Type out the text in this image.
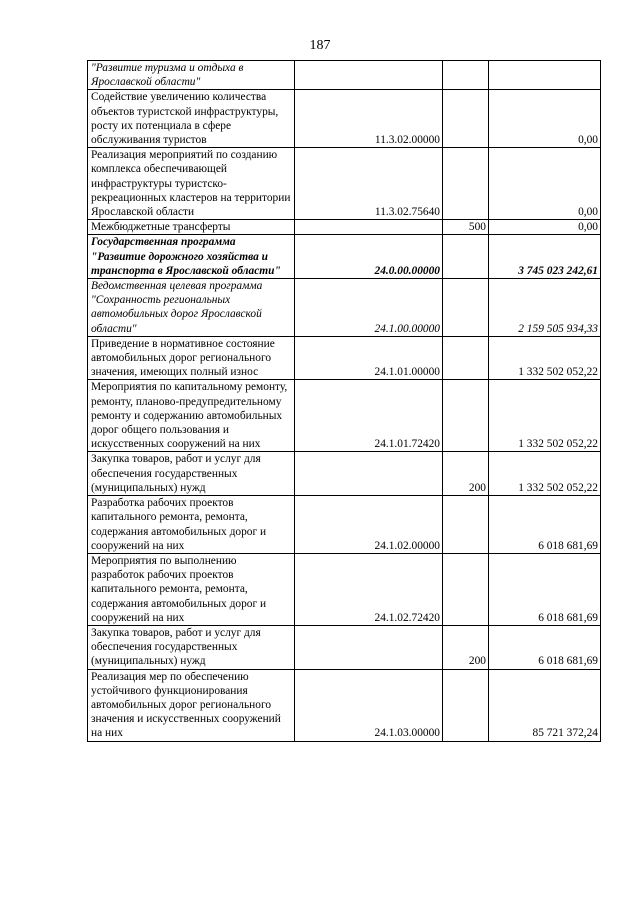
187
"Развитие туризма и отдыха в Ярославской области"			
Содействие увеличению количества объектов туристской инфраструктуры, росту их потенциала в сфере обслуживания туристов	11.3.02.00000		0,00
Реализация мероприятий по созданию комплекса обеспечивающей инфраструктуры туристско-рекреационных кластеров на территории Ярославской области	11.3.02.75640		0,00
Межбюджетные трансферты		500	0,00
Государственная программа "Развитие дорожного хозяйства и транспорта в Ярославской области"	24.0.00.00000		3 745 023 242,61
Ведомственная целевая программа "Сохранность региональных автомобильных дорог Ярославской области"	24.1.00.00000		2 159 505 934,33
Приведение в нормативное состояние автомобильных дорог регионального значения, имеющих полный износ	24.1.01.00000		1 332 502 052,22
Мероприятия по капитальному ремонту, ремонту, планово-предупредительному ремонту и содержанию автомобильных дорог общего пользования и искусственных сооружений на них	24.1.01.72420		1 332 502 052,22
Закупка товаров, работ и услуг для обеспечения государственных (муниципальных) нужд		200	1 332 502 052,22
Разработка рабочих проектов капитального ремонта, ремонта, содержания автомобильных дорог и сооружений на них	24.1.02.00000		6 018 681,69
Мероприятия по выполнению разработок рабочих проектов капитального ремонта, ремонта, содержания автомобильных дорог и сооружений на них	24.1.02.72420		6 018 681,69
Закупка товаров, работ и услуг для обеспечения государственных (муниципальных) нужд		200	6 018 681,69
Реализация мер по обеспечению устойчивого функционирования автомобильных дорог регионального значения и искусственных сооружений на них	24.1.03.00000		85 721 372,24
